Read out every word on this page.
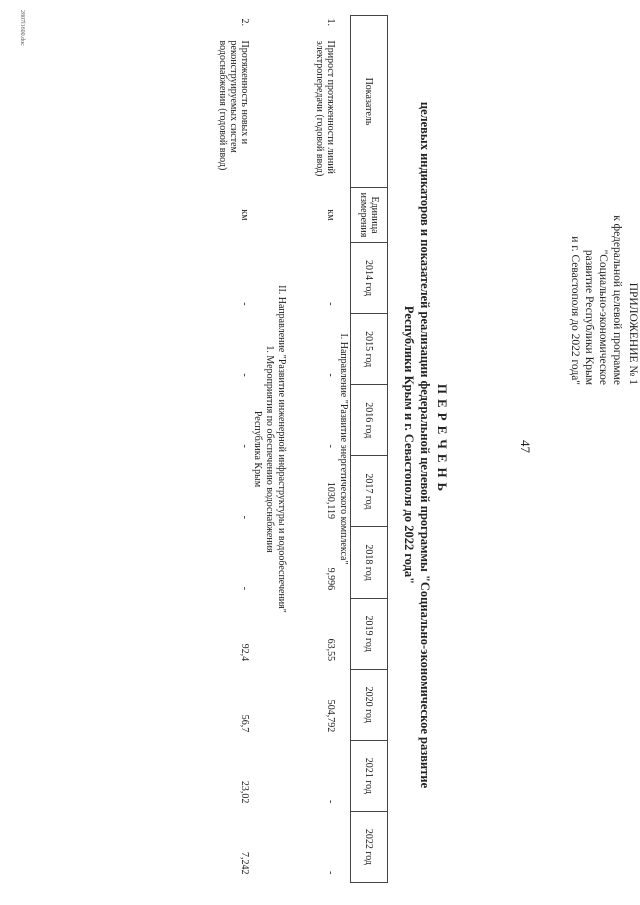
47
ПРИЛОЖЕНИЕ № 1
к федеральной целевой программе
"Социально-экономическое
развитие Республики Крым
и г. Севастополя до 2022 года"
ПЕРЕЧЕНЬ
целевых индикаторов и показателей реализации федеральной целевой программы "Социально-экономическое развитие
Республики Крым и г. Севастополя до 2022 года"
Показатель		Единица измерения	2014 год	2015 год	2016 год	2017 год	2018 год	2019 год	2020 год	2021 год	2022 год
I. Направление "Развитие энергетического комплекса"											
1.	Прирост протяженности линий электропередачи (годовой ввод)	км	-	-	-	1030,119	9,996	63,55	504,792	-	-
II. Направление "Развитие инженерной инфраструктуры и водообеспечения"											
1. Мероприятия по обеспечению водоснабжения											
Республика Крым											
2.	Протяженность новых и реконструируемых систем водоснабжения (годовой ввод)	км	-	-	-	-	-	92,4	56,7	23,02	7,242
2807l1600.doc
